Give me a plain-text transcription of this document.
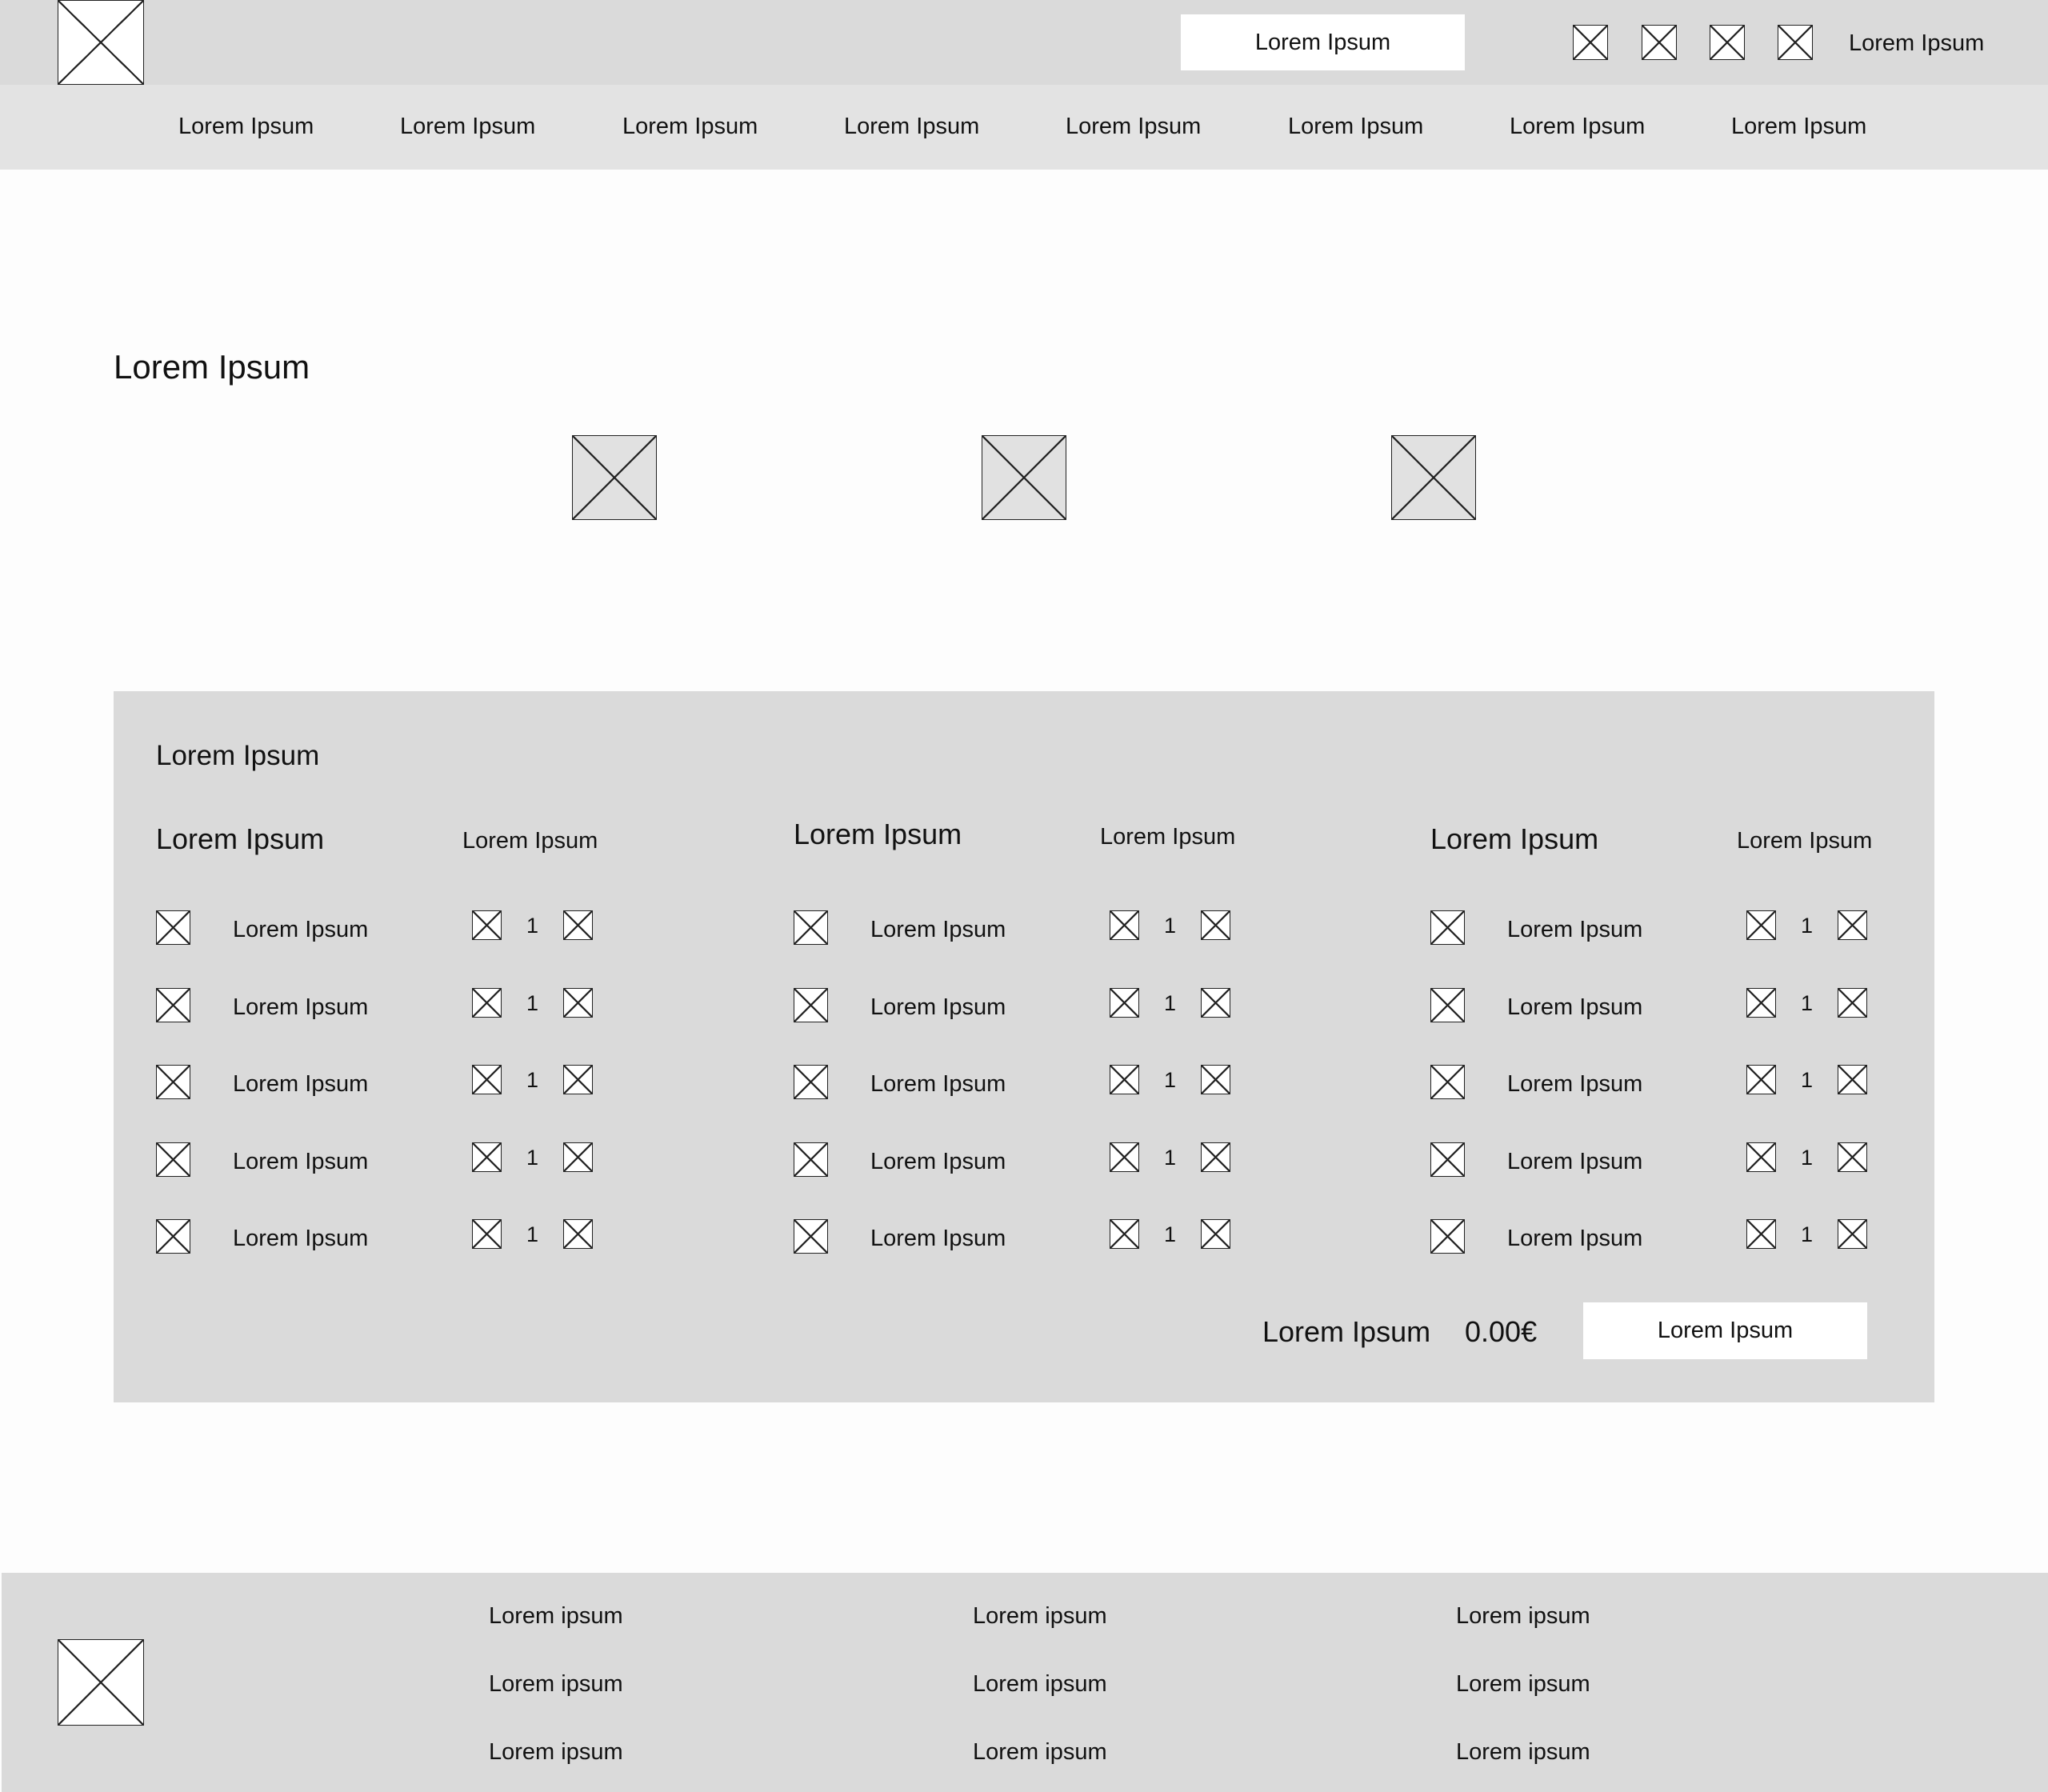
Lorem Ipsum	Lorem Ipsum
Lorem Ipsum	Lorem Ipsum	Lorem Ipsum	Lorem Ipsum	Lorem Ipsum	Lorem Ipsum	Lorem Ipsum	Lorem Ipsum
Lorem Ipsum
Lorem Ipsum
Lorem Ipsum	Lorem Ipsum
Lorem Ipsum	1
Lorem Ipsum	1
Lorem Ipsum	1
Lorem Ipsum	1
Lorem Ipsum	1
Lorem Ipsum	Lorem Ipsum
Lorem Ipsum	1
Lorem Ipsum	1
Lorem Ipsum	1
Lorem Ipsum	1
Lorem Ipsum	1
Lorem Ipsum	Lorem Ipsum
Lorem Ipsum	1
Lorem Ipsum	1
Lorem Ipsum	1
Lorem Ipsum	1
Lorem Ipsum	1
Lorem Ipsum 0.00€	Lorem Ipsum
Lorem ipsum
Lorem ipsum
Lorem ipsum
Lorem ipsum
Lorem ipsum
Lorem ipsum
Lorem ipsum
Lorem ipsum
Lorem ipsum
